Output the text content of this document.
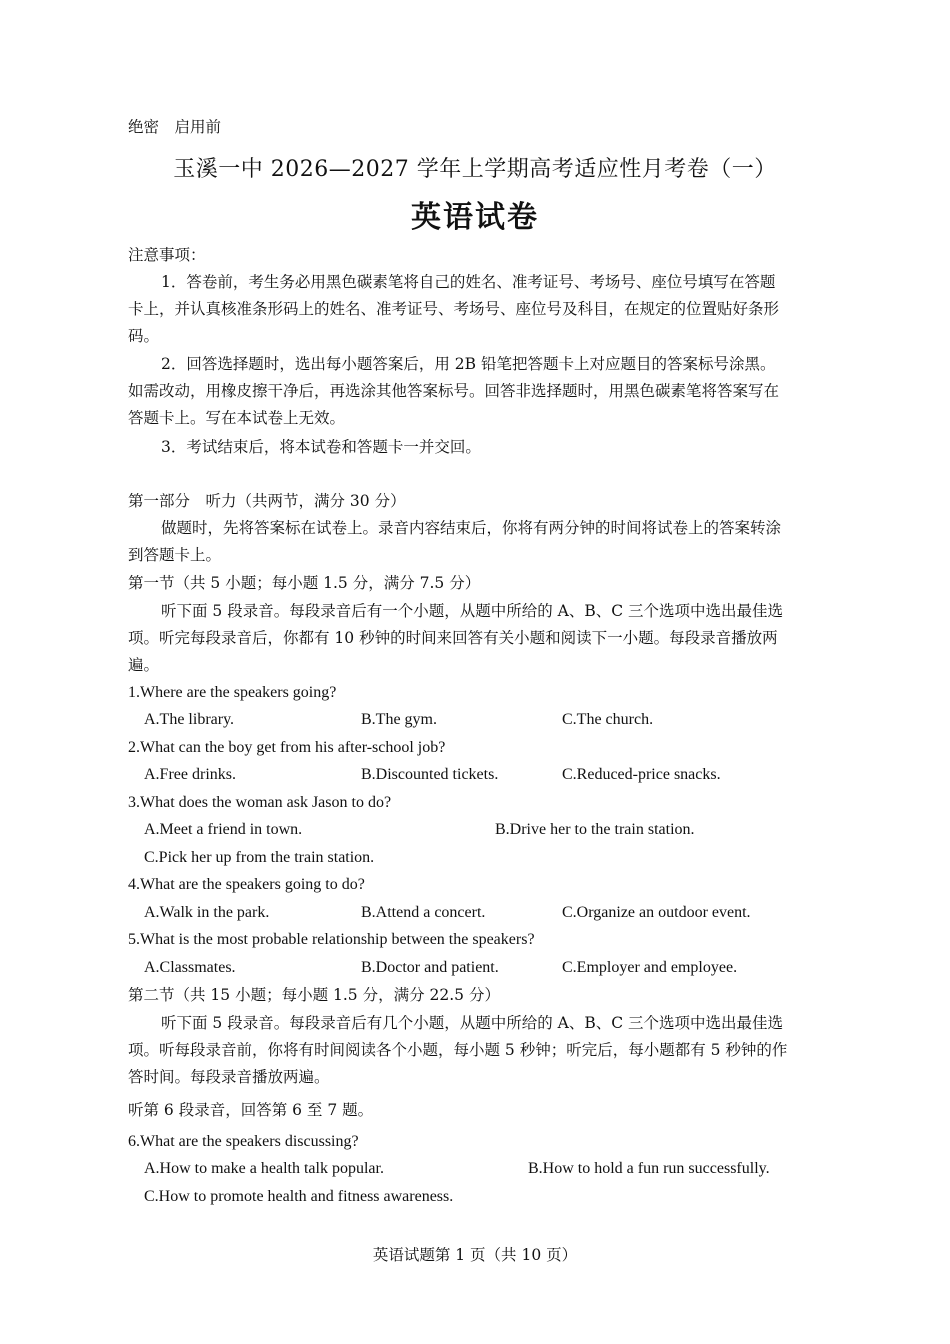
绝密　启用前
玉溪一中 2026—2027 学年上学期高考适应性月考卷（一）
英语试卷
注意事项：
1．答卷前，考生务必用黑色碳素笔将自己的姓名、准考证号、考场号、座位号填写在答题
卡上，并认真核准条形码上的姓名、准考证号、考场号、座位号及科目，在规定的位置贴好条形
码。
2．回答选择题时，选出每小题答案后，用 2B 铅笔把答题卡上对应题目的答案标号涂黑。
如需改动，用橡皮擦干净后，再选涂其他答案标号。回答非选择题时，用黑色碳素笔将答案写在
答题卡上。写在本试卷上无效。
3．考试结束后，将本试卷和答题卡一并交回。
第一部分　听力（共两节，满分 30 分）
做题时，先将答案标在试卷上。录音内容结束后，你将有两分钟的时间将试卷上的答案转涂
到答题卡上。
第一节（共 5 小题；每小题 1.5 分，满分 7.5 分）
听下面 5 段录音。每段录音后有一个小题，从题中所给的 A、B、C 三个选项中选出最佳选
项。听完每段录音后，你都有 10 秒钟的时间来回答有关小题和阅读下一小题。每段录音播放两
遍。
1.Where are the speakers going?
A.The library.	B.The gym.	C.The church.
2.What can the boy get from his after-school job?
A.Free drinks.	B.Discounted tickets.	C.Reduced-price snacks.
3.What does the woman ask Jason to do?
A.Meet a friend in town.	B.Drive her to the train station.
C.Pick her up from the train station.
4.What are the speakers going to do?
A.Walk in the park.	B.Attend a concert.	C.Organize an outdoor event.
5.What is the most probable relationship between the speakers?
A.Classmates.	B.Doctor and patient.	C.Employer and employee.
第二节（共 15 小题；每小题 1.5 分，满分 22.5 分）
听下面 5 段录音。每段录音后有几个小题，从题中所给的 A、B、C 三个选项中选出最佳选
项。听每段录音前，你将有时间阅读各个小题，每小题 5 秒钟；听完后，每小题都有 5 秒钟的作
答时间。每段录音播放两遍。
听第 6 段录音，回答第 6 至 7 题。
6.What are the speakers discussing?
A.How to make a health talk popular.	B.How to hold a fun run successfully.
C.How to promote health and fitness awareness.
英语试题第 1 页（共 10 页）
